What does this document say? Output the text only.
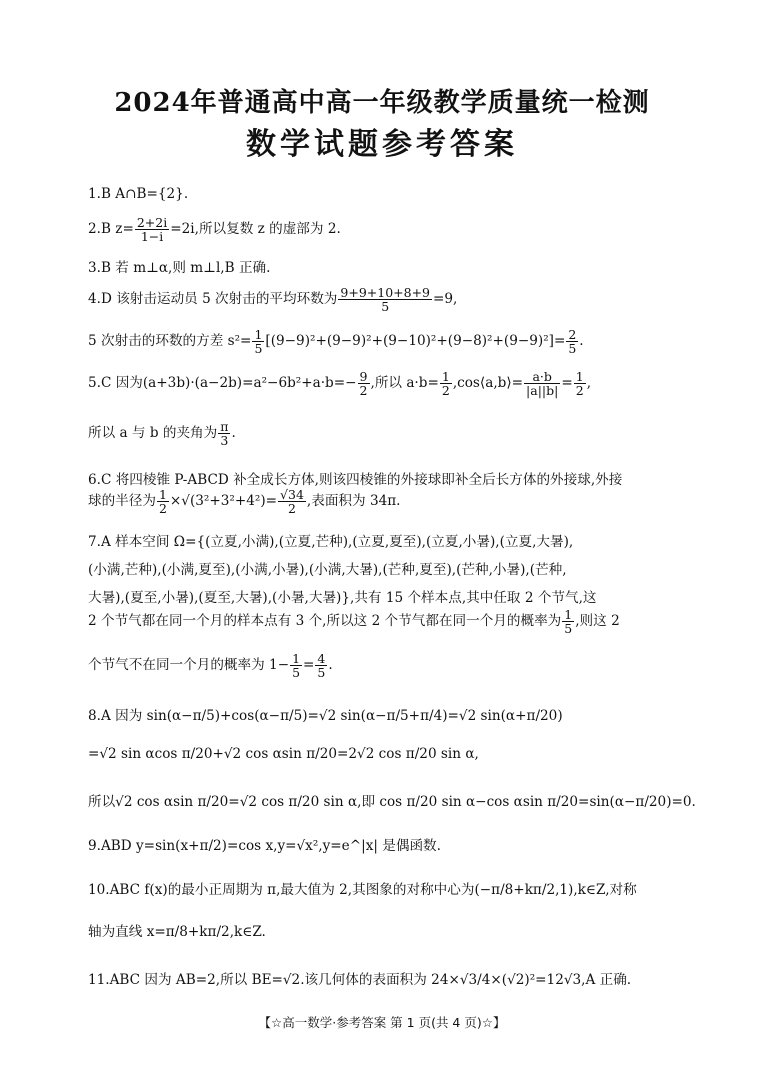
2024年普通高中高一年级教学质量统一检测
数学试题参考答案
1.B A∩B={2}.
2.B $z= \frac{2+2i}{1-i} =2i$,所以复数 z 的虚部为 2.
3.B 若 m⊥α,则 m⊥l,B 正确.
4.D 该射击运动员 5 次射击的平均环数为 $\frac{9+9+10+8+9}{5} =9$,
5 次射击的环数的方差 $s^2= \frac{1}{5} [(9-9)^2+(9-9)^2+(9-10)^2+(9-8)^2+(9-9)^2]= \frac{2}{5}$ .
5.C 因为$(a+3b)\cdot(a-2b)=a^2-6b^2+a\cdot b=- \frac{9}{2}$ ,所以 $a\cdot b= \frac{1}{2}$ ,cos⟨a,b⟩= $\frac{a\cdot b}{|a||b|} = \frac{1}{2}$ ,
所以 a 与 b 的夹角为 $\frac{\pi}{3}$ .
6.C 将四棱锥 P-ABCD 补全成长方体,则该四棱锥的外接球即补全后长方体的外接球,外接
球的半径为 $\frac{1}{2} \times√(3^2+3^2+4^2)= \frac{√34}{2}$ ,表面积为 34π.
7.A 样本空间 Ω={(立夏,小满),(立夏,芒种),(立夏,夏至),(立夏,小暑),(立夏,大暑),
(小满,芒种),(小满,夏至),(小满,小暑),(小满,大暑),(芒种,夏至),(芒种,小暑),(芒种,
大暑),(夏至,小暑),(夏至,大暑),(小暑,大暑)},共有 15 个样本点,其中任取 2 个节气,这
2 个节气都在同一个月的样本点有 3 个,所以这 2 个节气都在同一个月的概率为 $\frac{1}{5}$ ,则这 2
个节气不在同一个月的概率为 $1- \frac{1}{5} = \frac{4}{5}$ .
8.A 因为 sin(α−π/5)+cos(α−π/5)=√2 sin(α−π/5+π/4)=√2 sin(α+π/20)
=√2 sin αcos π/20+√2 cos αsin π/20=2√2 cos π/20 sin α,
所以√2 cos αsin π/20=√2 cos π/20 sin α,即 cos π/20 sin α−cos αsin π/20=sin(α−π/20)=0.
9.ABD y=sin(x+π/2)=cos x,y=√x²,y=e^|x| 是偶函数.
10.ABC f(x)的最小正周期为 π,最大值为 2,其图象的对称中心为(−π/8+kπ/2,1),k∈Z,对称
轴为直线 x=π/8+kπ/2,k∈Z.
11.ABC 因为 AB=2,所以 BE=√2.该几何体的表面积为 24×√3/4×(√2)²=12√3,A 正确.
【☆高一数学·参考答案 第 1 页(共 4 页)☆】
